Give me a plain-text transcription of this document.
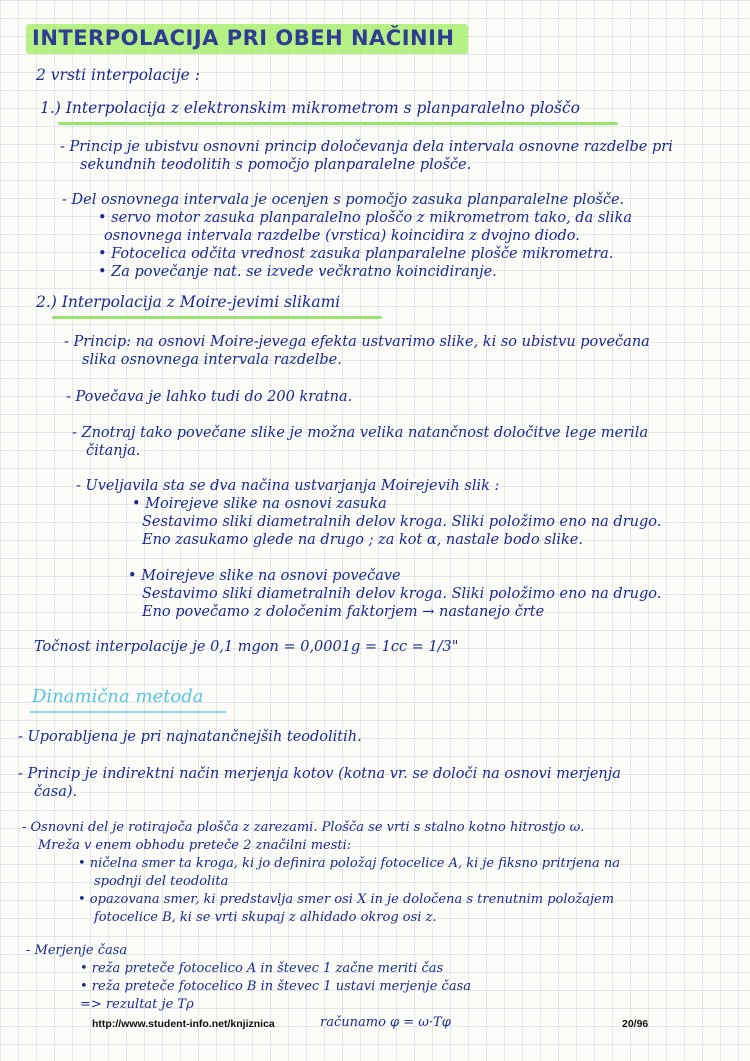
INTERPOLACIJA PRI OBEH NAČINIH
2 vrsti interpolacije :
1.) Interpolacija z elektronskim mikrometrom s planparalelno ploščo
- Princip je ubistvu osnovni princip določevanja dela intervala osnovne razdelbe pri
sekundnih teodolitih s pomočjo planparalelne plošče.
- Del osnovnega intervala je ocenjen s pomočjo zasuka planparalelne plošče.
• servo motor zasuka planparalelno ploščo z mikrometrom tako, da slika
osnovnega intervala razdelbe (vrstica) koincidira z dvojno diodo.
• Fotocelica odčita vrednost zasuka planparalelne plošče mikrometra.
• Za povečanje nat. se izvede večkratno koincidiranje.
2.) Interpolacija z Moire-jevimi slikami
- Princip: na osnovi Moire-jevega efekta ustvarimo slike, ki so ubistvu povečana
slika osnovnega intervala razdelbe.
- Povečava je lahko tudi do 200 kratna.
- Znotraj tako povečane slike je možna velika natančnost določitve lege merila
čitanja.
- Uveljavila sta se dva načina ustvarjanja Moirejevih slik :
• Moirejeve slike na osnovi zasuka
Sestavimo sliki diametralnih delov kroga. Sliki položimo eno na drugo.
Eno zasukamo glede na drugo ; za kot α, nastale bodo slike.
• Moirejeve slike na osnovi povečave
Sestavimo sliki diametralnih delov kroga. Sliki položimo eno na drugo.
Eno povečamo z določenim faktorjem → nastanejo črte
Točnost interpolacije je 0,1 mgon = 0,0001g = 1cc = 1/3"
Dinamična metoda
- Uporabljena je pri najnatančnejših teodolitih.
- Princip je indirektni način merjenja kotov (kotna vr. se določi na osnovi merjenja
časa).
- Osnovni del je rotirajoča plošča z zarezami. Plošča se vrti s stalno kotno hitrostjo ω.
Mreža v enem obhodu preteče 2 značilni mesti:
• ničelna smer ta kroga, ki jo definira položaj fotocelice A, ki je fiksno pritrjena na
spodnji del teodolita
• opazovana smer, ki predstavlja smer osi X in je določena s trenutnim položajem
fotocelice B, ki se vrti skupaj z alhidado okrog osi z.
- Merjenje časa
• reža preteče fotocelico A in števec 1 začne meriti čas
• reža preteče fotocelico B in števec 1 ustavi merjenje časa
=> rezultat je Tρ
računamo φ = ω·Tφ
http://www.student-info.net/knjiznica	20/96
